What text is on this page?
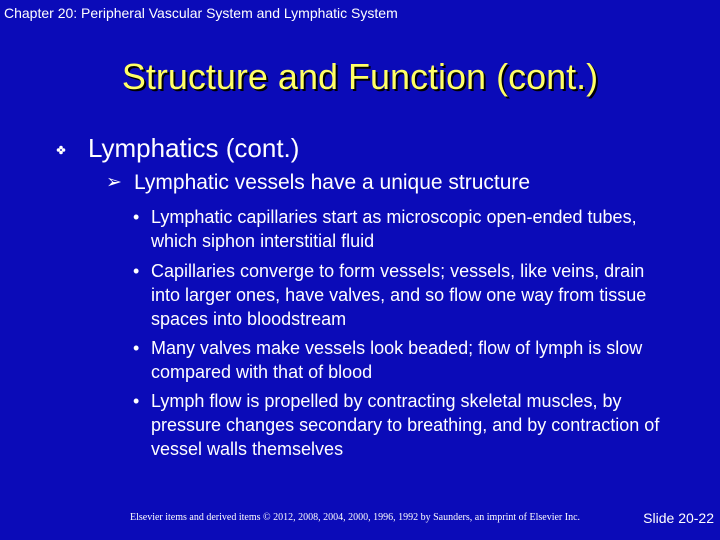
Chapter 20: Peripheral Vascular System and Lymphatic System
Structure and Function (cont.)
Lymphatics (cont.)
➢ Lymphatic vessels have a unique structure
• Lymphatic capillaries start as microscopic open-ended tubes, which siphon interstitial fluid
• Capillaries converge to form vessels; vessels, like veins, drain into larger ones, have valves, and so flow one way from tissue spaces into bloodstream
• Many valves make vessels look beaded; flow of lymph is slow compared with that of blood
• Lymph flow is propelled by contracting skeletal muscles, by pressure changes secondary to breathing, and by contraction of vessel walls themselves
Elsevier items and derived items © 2012, 2008, 2004, 2000, 1996, 1992 by Saunders, an imprint of Elsevier Inc.	Slide 20-22
